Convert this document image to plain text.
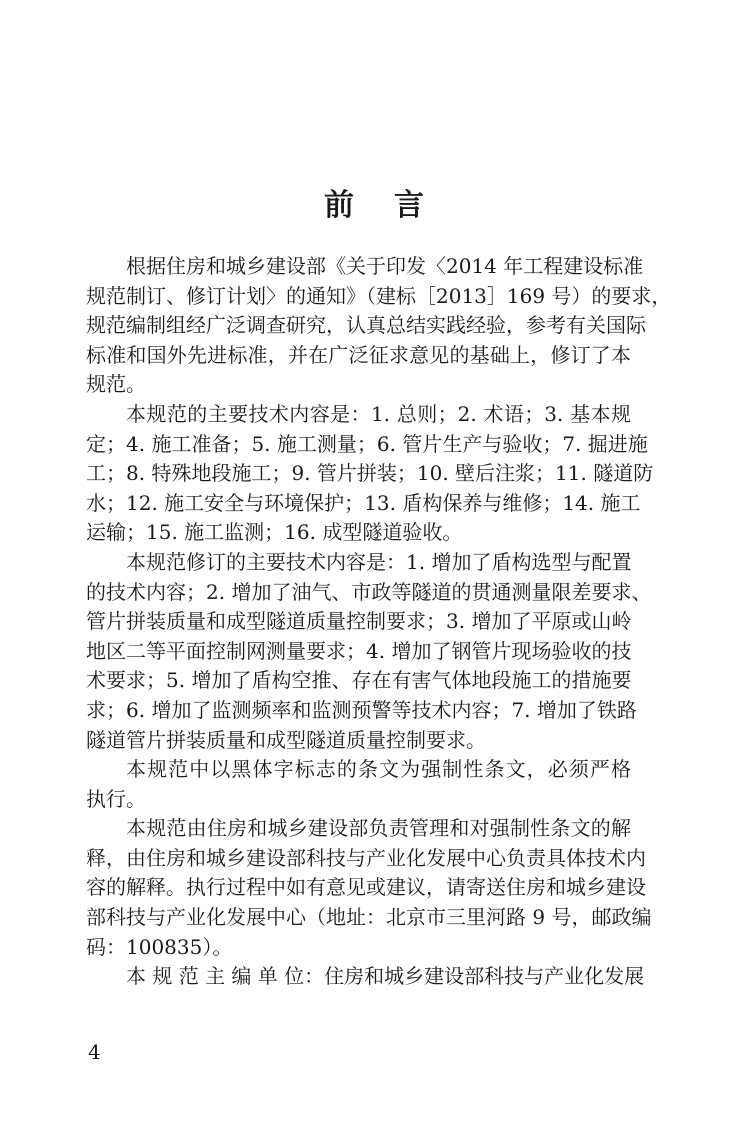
前言
根据住房和城乡建设部《关于印发〈2014 年工程建设标准
规范制订、修订计划〉的通知》（建标［2013］169 号）的要求，
规范编制组经广泛调查研究，认真总结实践经验，参考有关国际
标准和国外先进标准，并在广泛征求意见的基础上，修订了本
规范。
本规范的主要技术内容是：1. 总则；2. 术语；3. 基本规
定；4. 施工准备；5. 施工测量；6. 管片生产与验收；7. 掘进施
工；8. 特殊地段施工；9. 管片拼装；10. 壁后注浆；11. 隧道防
水；12. 施工安全与环境保护；13. 盾构保养与维修；14. 施工
运输；15. 施工监测；16. 成型隧道验收。
本规范修订的主要技术内容是：1. 增加了盾构选型与配置
的技术内容；2. 增加了油气、市政等隧道的贯通测量限差要求、
管片拼装质量和成型隧道质量控制要求；3. 增加了平原或山岭
地区二等平面控制网测量要求；4. 增加了钢管片现场验收的技
术要求；5. 增加了盾构空推、存在有害气体地段施工的措施要
求；6. 增加了监测频率和监测预警等技术内容；7. 增加了铁路
隧道管片拼装质量和成型隧道质量控制要求。
本规范中以黑体字标志的条文为强制性条文，必须严格
执行。
本规范由住房和城乡建设部负责管理和对强制性条文的解
释，由住房和城乡建设部科技与产业化发展中心负责具体技术内
容的解释。执行过程中如有意见或建议，请寄送住房和城乡建设
部科技与产业化发展中心（地址：北京市三里河路 9 号，邮政编
码：100835）。
本 规 范 主 编 单 位：住房和城乡建设部科技与产业化发展
4
